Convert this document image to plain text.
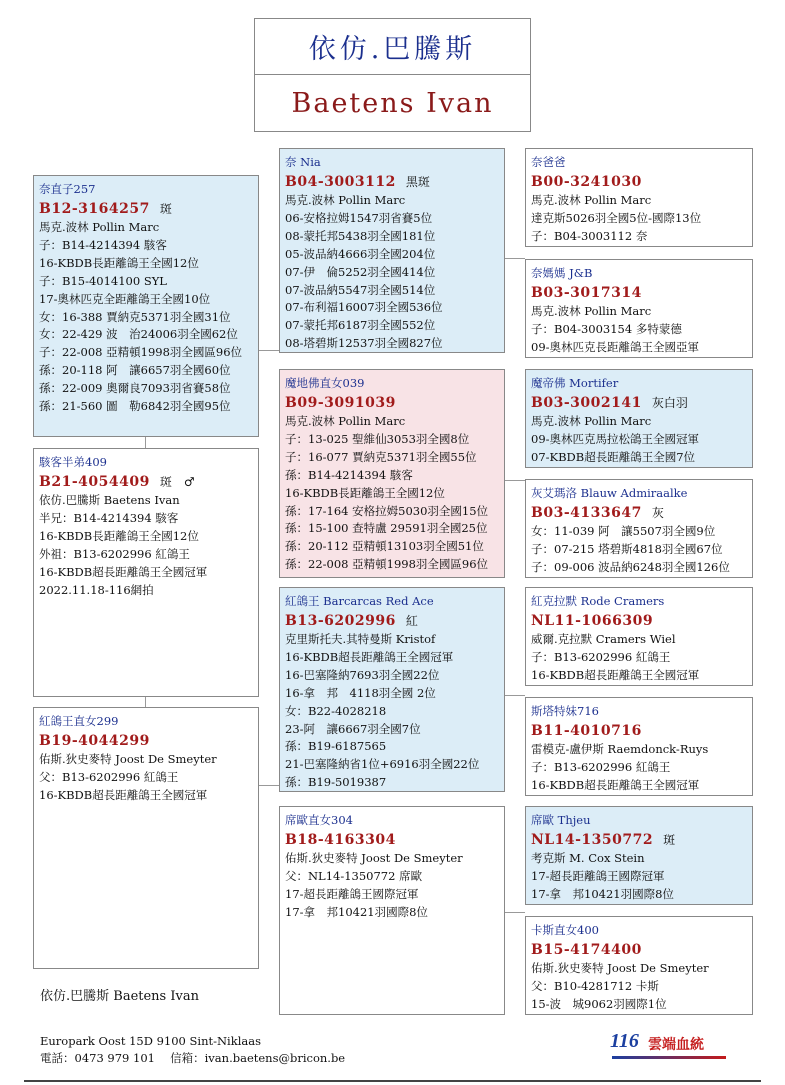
依仿.巴騰斯
Baetens Ivan
奈直子257
B12-3164257 斑
馬克.波林 Pollin Marc
子：B14-4214394 駭客
16-KBDB長距離鴿王全國12位
子：B15-4014100 SYL
17-奧林匹克全距離鴿王全國10位
女：16-388 賈納克5371羽全國31位
女：22-429 波　治24006羽全國62位
子：22-008 亞精頓1998羽全國區96位
孫：20-118 阿　讓6657羽全國60位
孫：22-009 奧爾良7093羽省賽58位
孫：21-560 圖　勒6842羽全國95位
駭客半弟409
B21-4054409 斑　♂
依仿.巴騰斯 Baetens Ivan
半兄：B14-4214394 駭客
16-KBDB長距離鴿王全國12位
外祖：B13-6202996 紅鴿王
16-KBDB超長距離鴿王全國冠軍
2022.11.18-116網拍
紅鴿王直女299
B19-4044299
佑斯.狄史麥特 Joost De Smeyter
父：B13-6202996 紅鴿王
16-KBDB超長距離鴿王全國冠軍
奈 Nia
B04-3003112 黑斑
馬克.波林 Pollin Marc
06-安格拉姆1547羽省賽5位
08-蒙托邦5438羽全國181位
05-波品納4666羽全國204位
07-伊　倫5252羽全國414位
07-波品納5547羽全國514位
07-布利福16007羽全國536位
07-蒙托邦6187羽全國552位
08-塔碧斯12537羽全國827位
魔地佛直女039
B09-3091039
馬克.波林 Pollin Marc
子：13-025 聖維仙3053羽全國8位
子：16-077 賈納克5371羽全國55位
孫：B14-4214394 駭客
16-KBDB長距離鴿王全國12位
孫：17-164 安格拉姆5030羽全國15位
孫：15-100 查特盧 29591羽全國25位
孫：20-112 亞精頓13103羽全國51位
孫：22-008 亞精頓1998羽全國區96位
紅鴿王 Barcarcas Red Ace
B13-6202996 紅
克里斯托夫.其特曼斯 Kristof
16-KBDB超長距離鴿王全國冠軍
16-巴塞隆納7693羽全國22位
16-拿　邦　4118羽全國 2位
女：B22-4028218
23-阿　讓6667羽全國7位
孫：B19-6187565
21-巴塞隆納省1位+6916羽全國22位
孫：B19-5019387
席歐直女304
B18-4163304
佑斯.狄史麥特 Joost De Smeyter
父：NL14-1350772 席歐
17-超長距離鴿王國際冠軍
17-拿　邦10421羽國際8位
奈爸爸
B00-3241030
馬克.波林 Pollin Marc
達克斯5026羽全國5位-國際13位
子：B04-3003112 奈
奈媽媽 J&B
B03-3017314
馬克.波林 Pollin Marc
子：B04-3003154 多特蒙德
09-奧林匹克長距離鴿王全國亞軍
魔帝佛 Mortifer
B03-3002141 灰白羽
馬克.波林 Pollin Marc
09-奧林匹克馬拉松鴿王全國冠軍
07-KBDB超長距離鴿王全國7位
灰艾瑪洛 Blauw Admiraalke
B03-4133647 灰
女：11-039 阿　讓5507羽全國9位
子：07-215 塔碧斯4818羽全國67位
子：09-006 波品納6248羽全國126位
紅克拉默 Rode Cramers
NL11-1066309
威爾.克拉默 Cramers Wiel
子：B13-6202996 紅鴿王
16-KBDB超長距離鴿王全國冠軍
斯塔特妹716
B11-4010716
雷模克-盧伊斯 Raemdonck-Ruys
子：B13-6202996 紅鴿王
16-KBDB超長距離鴿王全國冠軍
席歐 Thjeu
NL14-1350772 斑
考克斯 M. Cox Stein
17-超長距離鴿王國際冠軍
17-拿　邦10421羽國際8位
卡斯直女400
B15-4174400
佑斯.狄史麥特 Joost De Smeyter
父：B10-4281712 卡斯
15-波　城9062羽國際1位
依仿.巴騰斯 Baetens Ivan
Europark Oost 15D 9100 Sint-Niklaas
電話：0473 979 101　 信箱：ivan.baetens@bricon.be
116 雲端血統
